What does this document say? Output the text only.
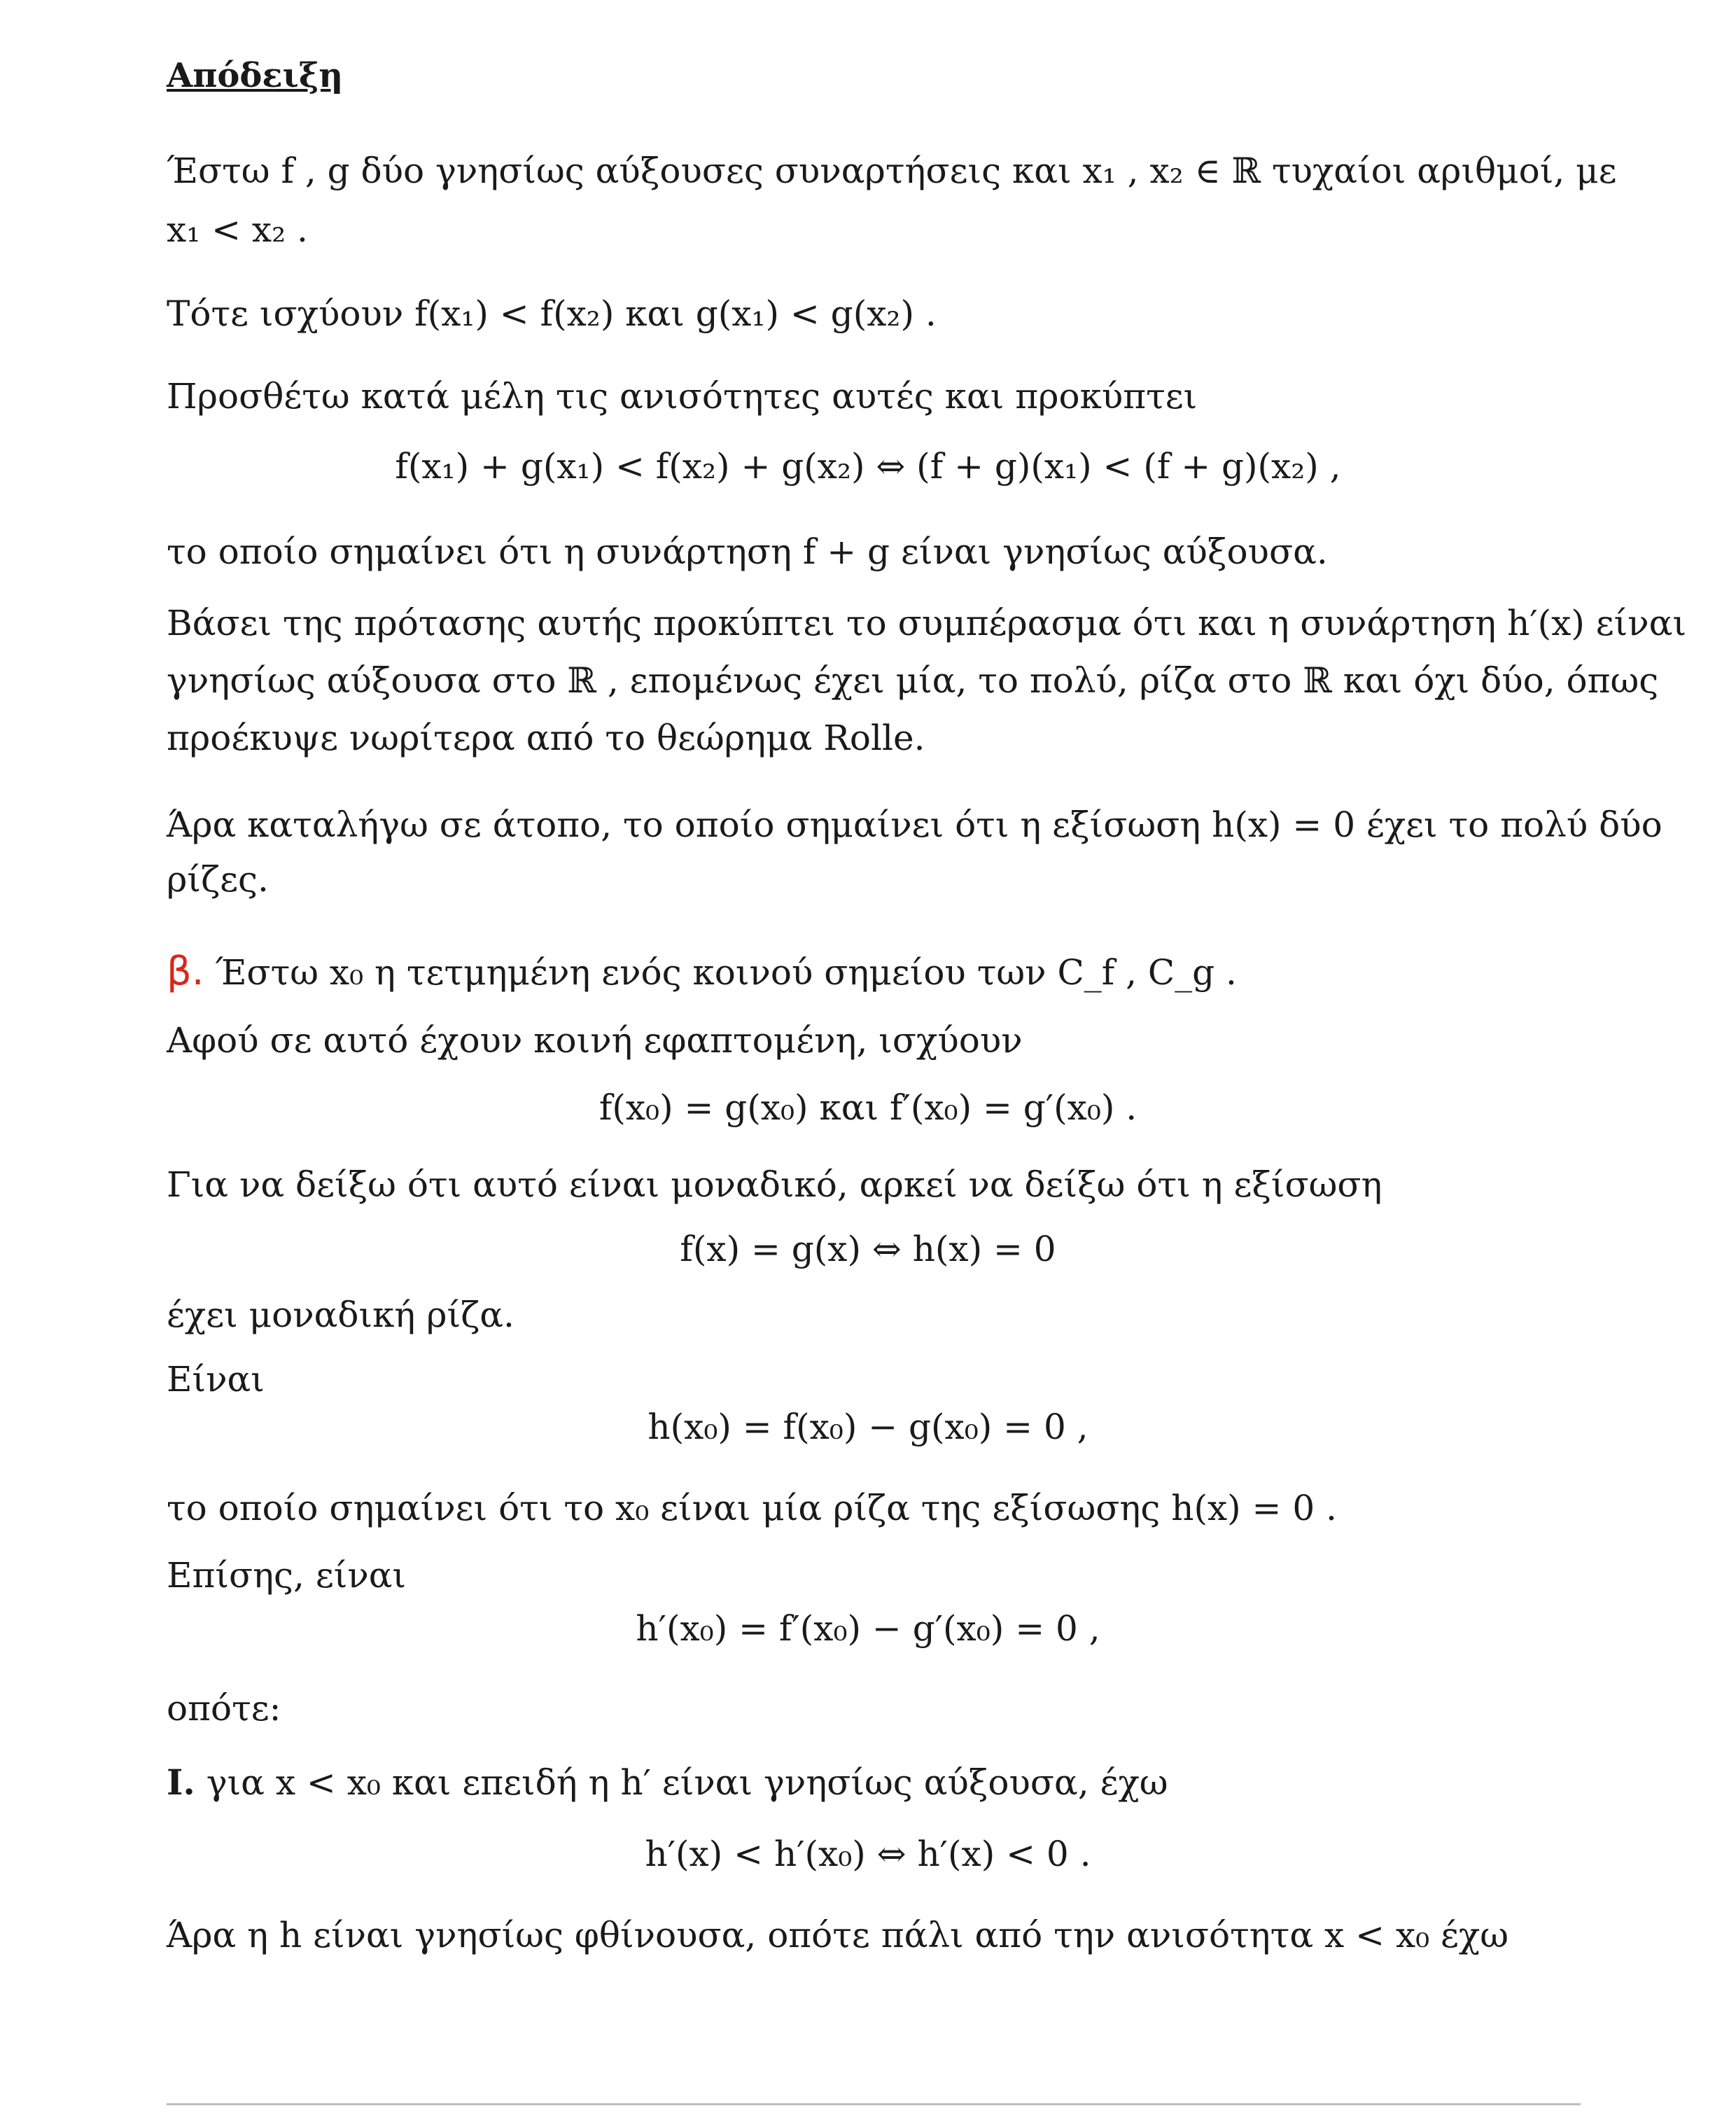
Απόδειξη
Έστω f , g δύο γνησίως αύξουσες συναρτήσεις και x₁ , x₂ ∈ ℝ τυχαίοι αριθμοί, με
x₁ < x₂ .
Τότε ισχύουν f(x₁) < f(x₂) και g(x₁) < g(x₂) .
Προσθέτω κατά μέλη τις ανισότητες αυτές και προκύπτει
f(x₁) + g(x₁) < f(x₂) + g(x₂) ⇔ (f + g)(x₁) < (f + g)(x₂) ,
το οποίο σημαίνει ότι η συνάρτηση f + g είναι γνησίως αύξουσα.
Βάσει της πρότασης αυτής προκύπτει το συμπέρασμα ότι και η συνάρτηση h′(x) είναι
γνησίως αύξουσα στο ℝ , επομένως έχει μία, το πολύ, ρίζα στο ℝ και όχι δύο, όπως
προέκυψε νωρίτερα από το θεώρημα Rolle.
Άρα καταλήγω σε άτοπο, το οποίο σημαίνει ότι η εξίσωση h(x) = 0 έχει το πολύ δύο
ρίζες.
β. Έστω x₀ η τετμημένη ενός κοινού σημείου των C_f , C_g .
Αφού σε αυτό έχουν κοινή εφαπτομένη, ισχύουν
f(x₀) = g(x₀) και f′(x₀) = g′(x₀) .
Για να δείξω ότι αυτό είναι μοναδικό, αρκεί να δείξω ότι η εξίσωση
f(x) = g(x) ⇔ h(x) = 0
έχει μοναδική ρίζα.
Είναι
h(x₀) = f(x₀) − g(x₀) = 0 ,
το οποίο σημαίνει ότι το x₀ είναι μία ρίζα της εξίσωσης h(x) = 0 .
Επίσης, είναι
h′(x₀) = f′(x₀) − g′(x₀) = 0 ,
οπότε:
Ι. για x < x₀ και επειδή η h′ είναι γνησίως αύξουσα, έχω
h′(x) < h′(x₀) ⇔ h′(x) < 0 .
Άρα η h είναι γνησίως φθίνουσα, οπότε πάλι από την ανισότητα x < x₀ έχω
